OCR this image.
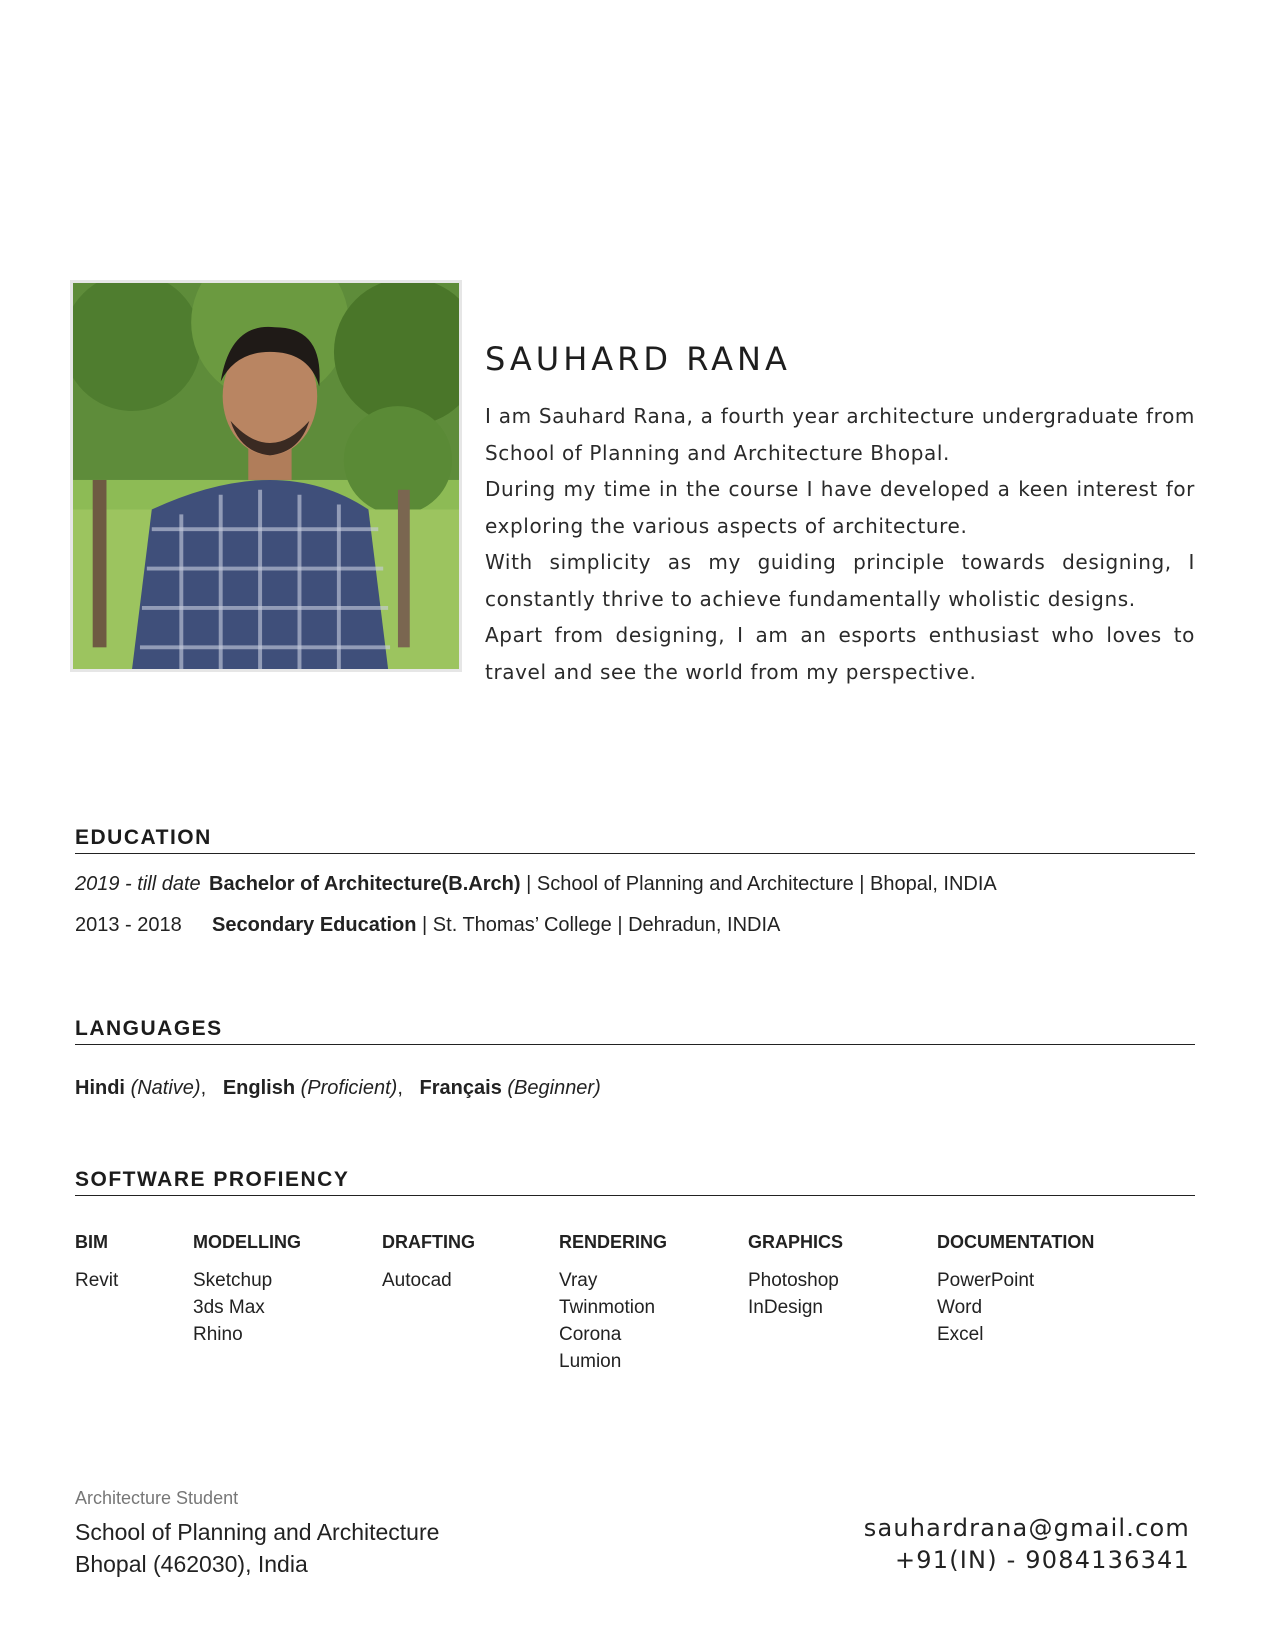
SAUHARD RANA

I am Sauhard Rana, a fourth year architecture undergraduate from School of Planning and Architecture Bhopal.

During my time in the course I have developed a keen interest for exploring the various aspects of architecture.

With simplicity as my guiding principle towards designing, I constantly thrive to achieve fundamentally wholistic designs.

Apart from designing, I am an esports enthusiast who loves to travel and see the world from my perspective.

EDUCATION
2019 - till date Bachelor of Architecture(B.Arch) | School of Planning and Architecture | Bhopal, INDIA
2013 - 2018 Secondary Education | St. Thomas’ College | Dehradun, INDIA
LANGUAGES
Hindi (Native), English (Proficient), Français (Beginner)
SOFTWARE PROFIENCY
BIM
Revit
MODELLING
Sketchup
3ds Max
Rhino
DRAFTING
Autocad
RENDERING
Vray
Twinmotion
Corona
Lumion
GRAPHICS
Photoshop
InDesign
DOCUMENTATION
PowerPoint
Word
Excel
Architecture Student
School of Planning and Architecture
Bhopal (462030), India
sauhardrana@gmail.com
+91(IN) - 9084136341
